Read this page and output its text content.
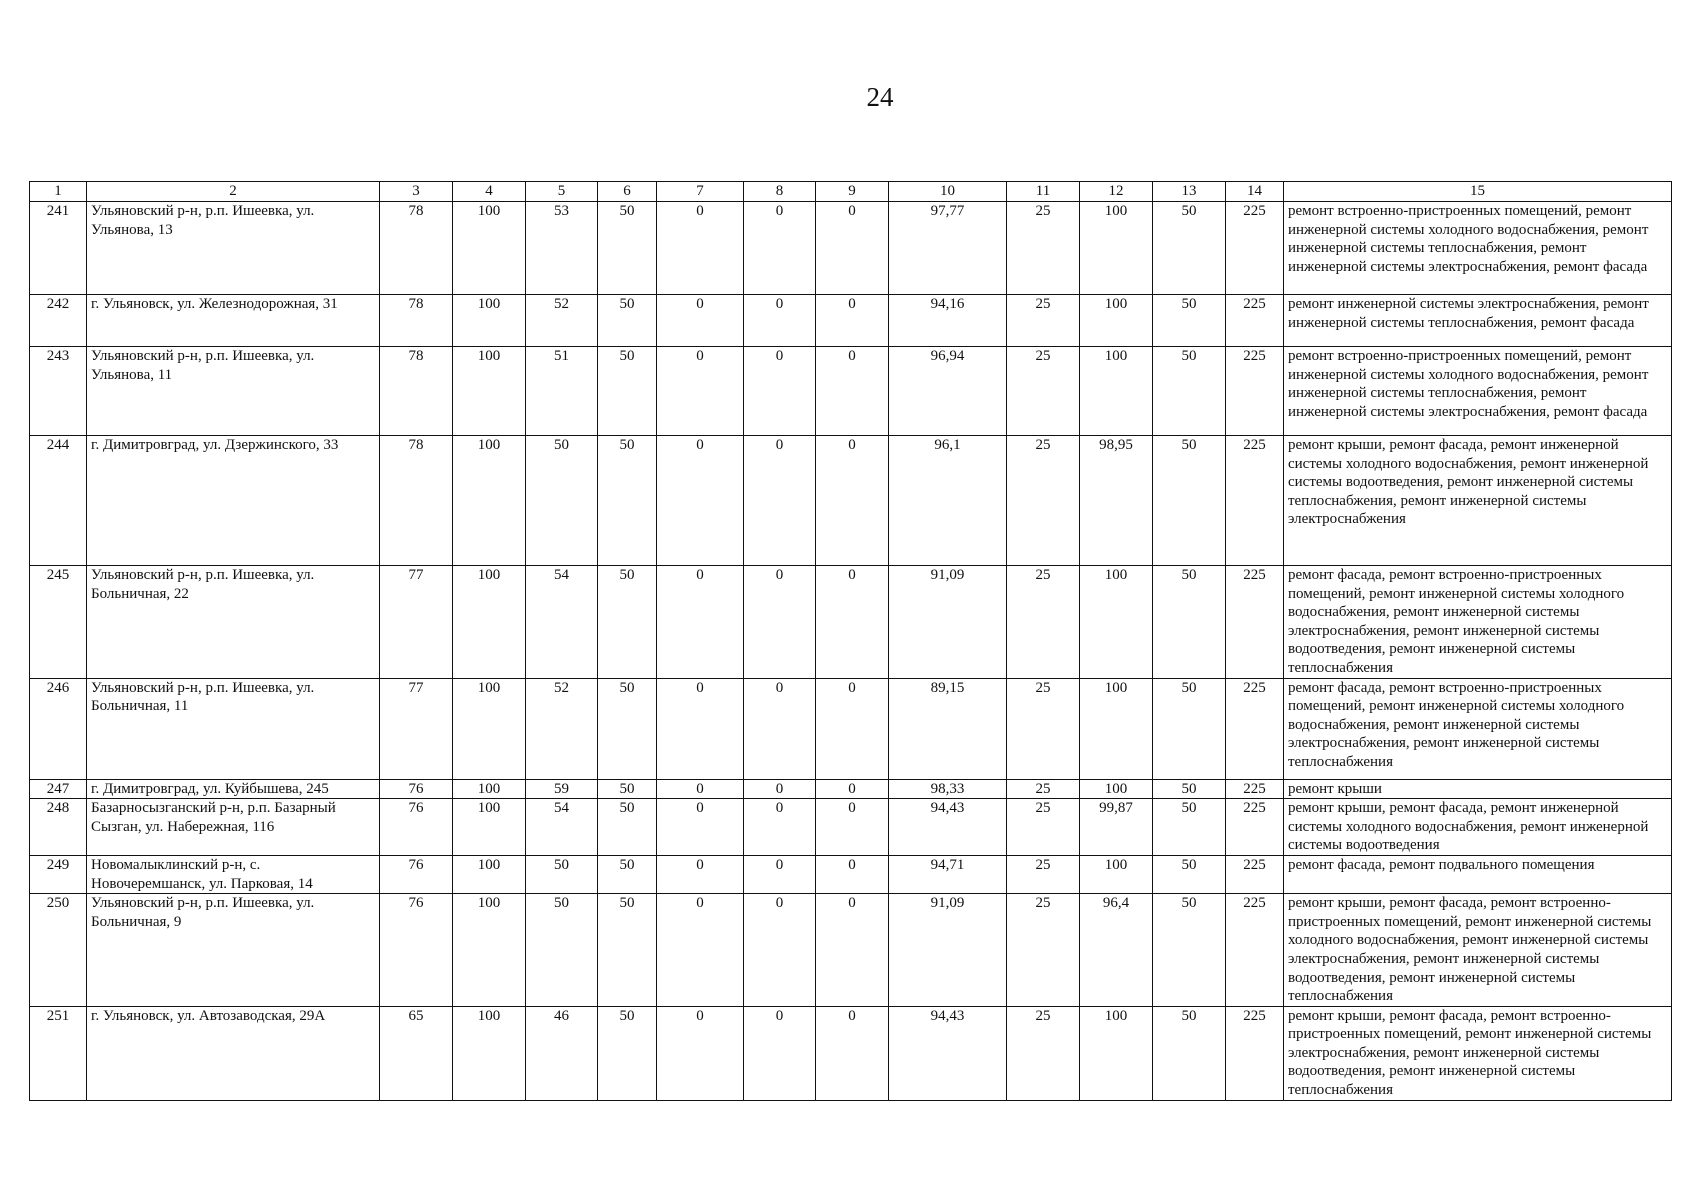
24
1	2	3	4	5	6	7	8	9	10	11	12	13	14	15
241	Ульяновский р-н, р.п. Ишеевка, ул. Ульянова, 13	78	100	53	50	0	0	0	97,77	25	100	50	225	ремонт встроенно-пристроенных помещений, ремонт инженерной системы холодного водоснабжения, ремонт инженерной системы теплоснабжения, ремонт инженерной системы электроснабжения, ремонт фасада
242	г. Ульяновск, ул. Железнодорожная, 31	78	100	52	50	0	0	0	94,16	25	100	50	225	ремонт инженерной системы электроснабжения, ремонт инженерной системы теплоснабжения, ремонт фасада
243	Ульяновский р-н, р.п. Ишеевка, ул. Ульянова, 11	78	100	51	50	0	0	0	96,94	25	100	50	225	ремонт встроенно-пристроенных помещений, ремонт инженерной системы холодного водоснабжения, ремонт инженерной системы теплоснабжения, ремонт инженерной системы электроснабжения, ремонт фасада
244	г. Димитровград, ул. Дзержинского, 33	78	100	50	50	0	0	0	96,1	25	98,95	50	225	ремонт крыши, ремонт фасада, ремонт инженерной системы холодного водоснабжения, ремонт инженерной системы водоотведения, ремонт инженерной системы теплоснабжения, ремонт инженерной системы электроснабжения
245	Ульяновский р-н, р.п. Ишеевка, ул. Больничная, 22	77	100	54	50	0	0	0	91,09	25	100	50	225	ремонт фасада, ремонт встроенно-пристроенных помещений, ремонт инженерной системы холодного водоснабжения, ремонт инженерной системы электроснабжения, ремонт инженерной системы водоотведения, ремонт инженерной системы теплоснабжения
246	Ульяновский р-н, р.п. Ишеевка, ул. Больничная, 11	77	100	52	50	0	0	0	89,15	25	100	50	225	ремонт фасада, ремонт встроенно-пристроенных помещений, ремонт инженерной системы холодного водоснабжения, ремонт инженерной системы электроснабжения, ремонт инженерной системы теплоснабжения
247	г. Димитровград, ул. Куйбышева, 245	76	100	59	50	0	0	0	98,33	25	100	50	225	ремонт крыши
248	Базарносызганский р-н, р.п. Базарный Сызган, ул. Набережная, 116	76	100	54	50	0	0	0	94,43	25	99,87	50	225	ремонт крыши, ремонт фасада, ремонт инженерной системы холодного водоснабжения, ремонт инженерной системы водоотведения
249	Новомалыклинский р-н, с. Новочеремшанск, ул. Парковая, 14	76	100	50	50	0	0	0	94,71	25	100	50	225	ремонт фасада, ремонт подвального помещения
250	Ульяновский р-н, р.п. Ишеевка, ул. Больничная, 9	76	100	50	50	0	0	0	91,09	25	96,4	50	225	ремонт крыши, ремонт фасада, ремонт встроенно-пристроенных помещений, ремонт инженерной системы холодного водоснабжения, ремонт инженерной системы электроснабжения, ремонт инженерной системы водоотведения, ремонт инженерной системы теплоснабжения
251	г. Ульяновск, ул. Автозаводская, 29А	65	100	46	50	0	0	0	94,43	25	100	50	225	ремонт крыши, ремонт фасада, ремонт встроенно-пристроенных помещений, ремонт инженерной системы электроснабжения, ремонт инженерной системы водоотведения, ремонт инженерной системы теплоснабжения
